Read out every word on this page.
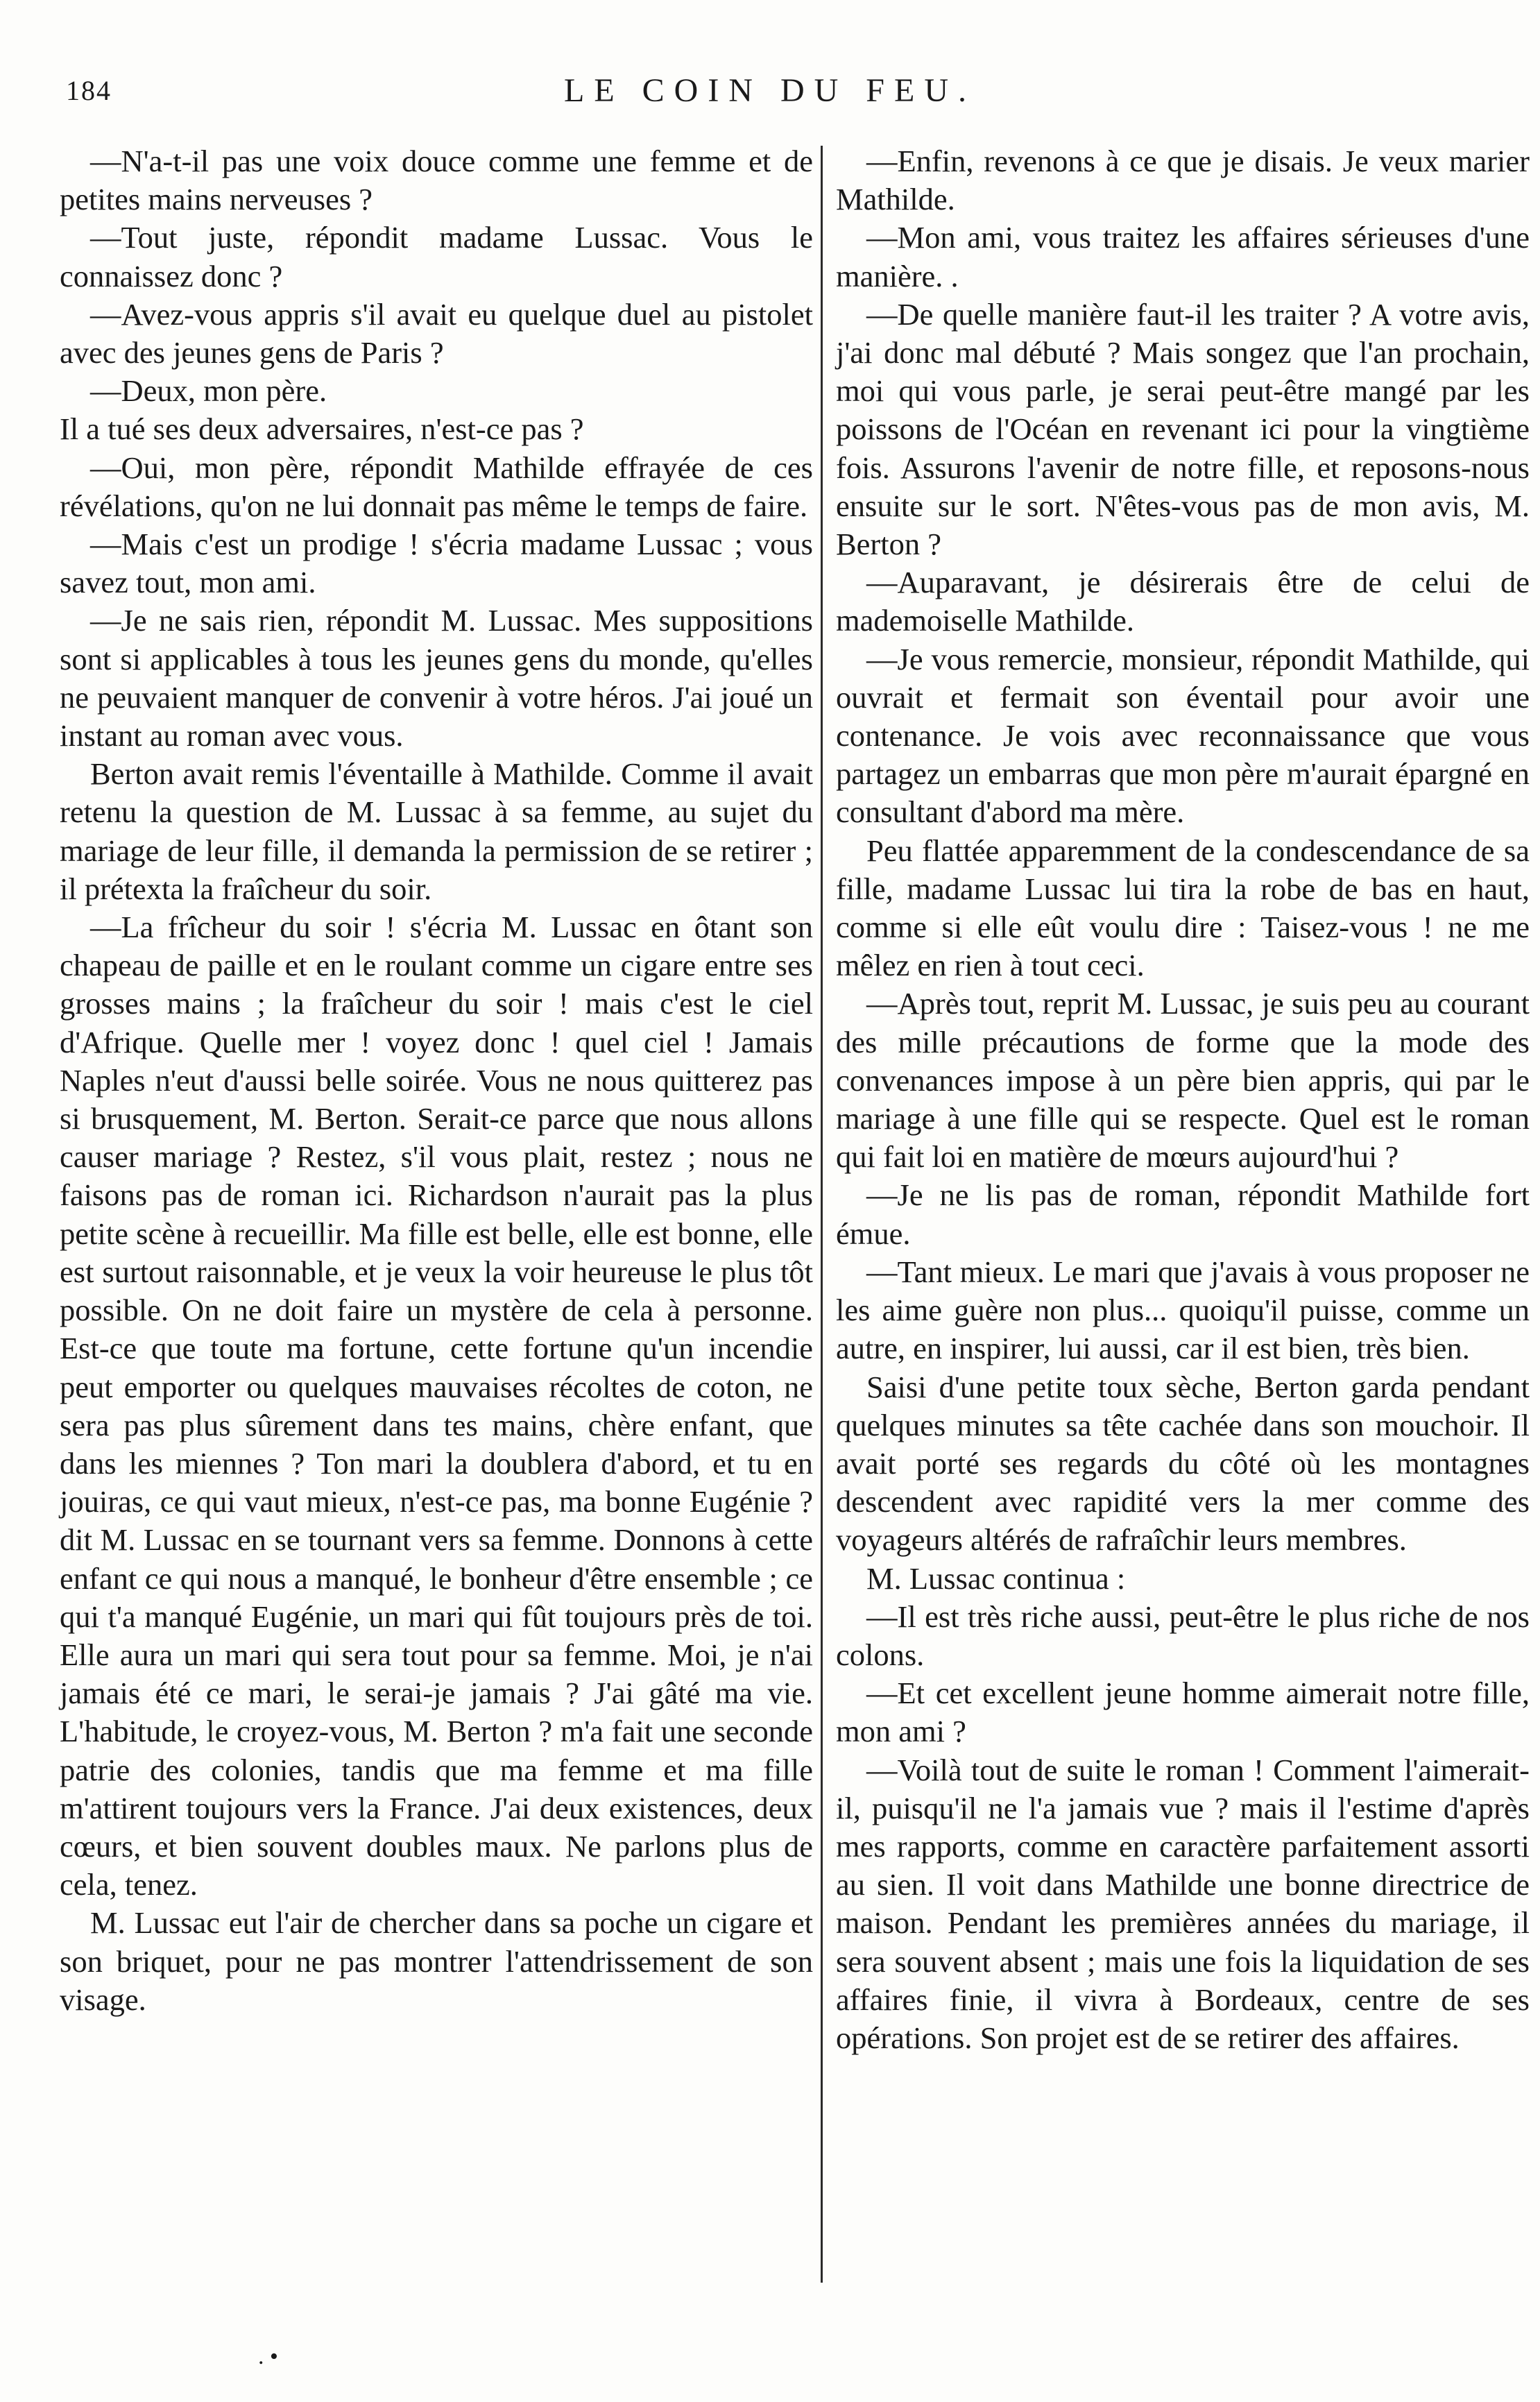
184	LE COIN DU FEU.

—N'a-t-il pas une voix douce comme une femme et de petites mains nerveuses ?

—Tout juste, répondit madame Lussac. Vous le connaissez donc ?

—Avez-vous appris s'il avait eu quelque duel au pistolet avec des jeunes gens de Paris ?

—Deux, mon père.

Il a tué ses deux adversaires, n'est-ce pas ?

—Oui, mon père, répondit Mathilde effrayée de ces révélations, qu'on ne lui donnait pas même le temps de faire.

—Mais c'est un prodige ! s'écria madame Lussac ; vous savez tout, mon ami.

—Je ne sais rien, répondit M. Lussac. Mes suppositions sont si applicables à tous les jeunes gens du monde, qu'elles ne peuvaient manquer de convenir à votre héros. J'ai joué un instant au roman avec vous.

Berton avait remis l'éventaille à Mathilde. Comme il avait retenu la question de M. Lussac à sa femme, au sujet du mariage de leur fille, il demanda la permission de se retirer ; il prétexta la fraîcheur du soir.

—La frîcheur du soir ! s'écria M. Lussac en ôtant son chapeau de paille et en le roulant comme un cigare entre ses grosses mains ; la fraîcheur du soir ! mais c'est le ciel d'Afrique. Quelle mer ! voyez donc ! quel ciel ! Jamais Naples n'eut d'aussi belle soirée. Vous ne nous quitterez pas si brusquement, M. Berton. Serait-ce parce que nous allons causer mariage ? Restez, s'il vous plait, restez ; nous ne faisons pas de roman ici. Richardson n'aurait pas la plus petite scène à recueillir. Ma fille est belle, elle est bonne, elle est surtout raisonnable, et je veux la voir heureuse le plus tôt possible. On ne doit faire un mystère de cela à personne. Est-ce que toute ma fortune, cette fortune qu'un incendie peut emporter ou quelques mauvaises récoltes de coton, ne sera pas plus sûrement dans tes mains, chère enfant, que dans les miennes ? Ton mari la doublera d'abord, et tu en jouiras, ce qui vaut mieux, n'est-ce pas, ma bonne Eugénie ? dit M. Lussac en se tournant vers sa femme. Donnons à cette enfant ce qui nous a manqué, le bonheur d'être ensemble ; ce qui t'a manqué Eugénie, un mari qui fût toujours près de toi. Elle aura un mari qui sera tout pour sa femme. Moi, je n'ai jamais été ce mari, le serai-je jamais ? J'ai gâté ma vie. L'habitude, le croyez-vous, M. Berton ? m'a fait une seconde patrie des colonies, tandis que ma femme et ma fille m'attirent toujours vers la France. J'ai deux existences, deux cœurs, et bien souvent doubles maux. Ne parlons plus de cela, tenez.

M. Lussac eut l'air de chercher dans sa poche un cigare et son briquet, pour ne pas montrer l'attendrissement de son visage.

—Enfin, revenons à ce que je disais. Je veux marier Mathilde.

—Mon ami, vous traitez les affaires sérieuses d'une manière. .

—De quelle manière faut-il les traiter ? A votre avis, j'ai donc mal débuté ? Mais songez que l'an prochain, moi qui vous parle, je serai peut-être mangé par les poissons de l'Océan en revenant ici pour la vingtième fois. Assurons l'avenir de notre fille, et reposons-nous ensuite sur le sort. N'êtes-vous pas de mon avis, M. Berton ?

—Auparavant, je désirerais être de celui de mademoiselle Mathilde.

—Je vous remercie, monsieur, répondit Mathilde, qui ouvrait et fermait son éventail pour avoir une contenance. Je vois avec reconnaissance que vous partagez un embarras que mon père m'aurait épargné en consultant d'abord ma mère.

Peu flattée apparemment de la condescendance de sa fille, madame Lussac lui tira la robe de bas en haut, comme si elle eût voulu dire : Taisez-vous ! ne me mêlez en rien à tout ceci.

—Après tout, reprit M. Lussac, je suis peu au courant des mille précautions de forme que la mode des convenances impose à un père bien appris, qui par le mariage à une fille qui se respecte. Quel est le roman qui fait loi en matière de mœurs aujourd'hui ?

—Je ne lis pas de roman, répondit Mathilde fort émue.

—Tant mieux. Le mari que j'avais à vous proposer ne les aime guère non plus... quoiqu'il puisse, comme un autre, en inspirer, lui aussi, car il est bien, très bien.

Saisi d'une petite toux sèche, Berton garda pendant quelques minutes sa tête cachée dans son mouchoir. Il avait porté ses regards du côté où les montagnes descendent avec rapidité vers la mer comme des voyageurs altérés de rafraîchir leurs membres.

M. Lussac continua :

—Il est très riche aussi, peut-être le plus riche de nos colons.

—Et cet excellent jeune homme aimerait notre fille, mon ami ?

—Voilà tout de suite le roman ! Comment l'aimerait-il, puisqu'il ne l'a jamais vue ? mais il l'estime d'après mes rapports, comme en caractère parfaitement assorti au sien. Il voit dans Mathilde une bonne directrice de maison. Pendant les premières années du mariage, il sera souvent absent ; mais une fois la liquidation de ses affaires finie, il vivra à Bordeaux, centre de ses opérations. Son projet est de se retirer des affaires.

. •
